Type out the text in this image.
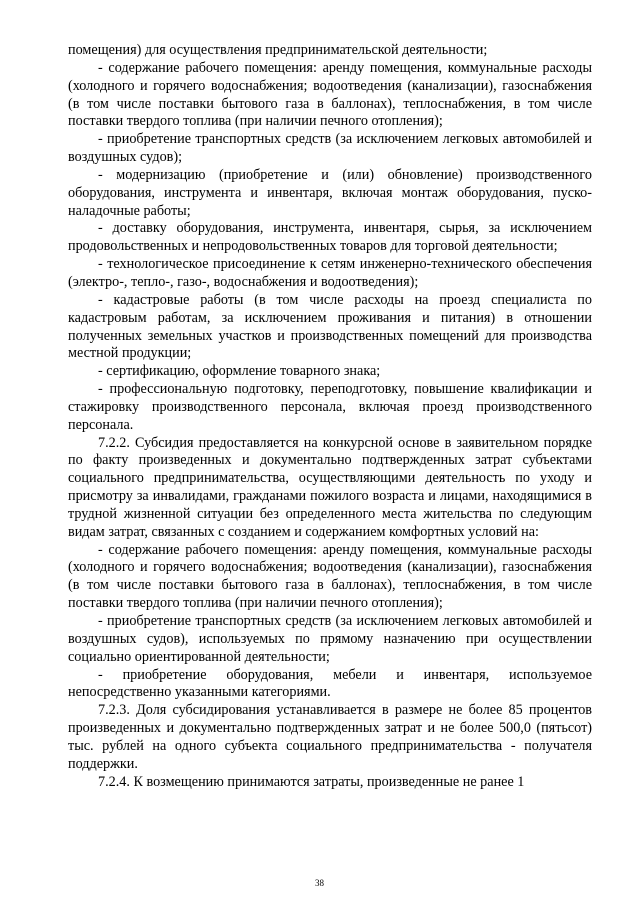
помещения) для осуществления предпринимательской деятельности;

- содержание рабочего помещения: аренду помещения, коммунальные расходы (холодного и горячего водоснабжения; водоотведения (канализации), газоснабжения (в том числе поставки бытового газа в баллонах), теплоснабжения, в том числе поставки твердого топлива (при наличии печного отопления);

- приобретение транспортных средств (за исключением легковых автомобилей и воздушных судов);

- модернизацию (приобретение и (или) обновление) производственного оборудования, инструмента и инвентаря, включая монтаж оборудования, пуско-наладочные работы;

- доставку оборудования, инструмента, инвентаря, сырья, за исключением продовольственных и непродовольственных товаров для торговой деятельности;

- технологическое присоединение к сетям инженерно-технического обеспечения (электро-, тепло-, газо-, водоснабжения и водоотведения);

- кадастровые работы (в том числе расходы на проезд специалиста по кадастровым работам, за исключением проживания и питания) в отношении полученных земельных участков и производственных помещений для производства местной продукции;

- сертификацию, оформление товарного знака;

- профессиональную подготовку, переподготовку, повышение квалификации и стажировку производственного персонала, включая проезд производственного персонала.

7.2.2. Субсидия предоставляется на конкурсной основе в заявительном порядке по факту произведенных и документально подтвержденных затрат субъектами социального предпринимательства, осуществляющими деятельность по уходу и присмотру за инвалидами, гражданами пожилого возраста и лицами, находящимися в трудной жизненной ситуации без определенного места жительства по следующим видам затрат, связанных с созданием и содержанием комфортных условий на:

- содержание рабочего помещения: аренду помещения, коммунальные расходы (холодного и горячего водоснабжения; водоотведения (канализации), газоснабжения (в том числе поставки бытового газа в баллонах), теплоснабжения, в том числе поставки твердого топлива (при наличии печного отопления);

- приобретение транспортных средств (за исключением легковых автомобилей и воздушных судов), используемых по прямому назначению при осуществлении социально ориентированной деятельности;

- приобретение оборудования, мебели и инвентаря, используемое непосредственно указанными категориями.

7.2.3. Доля субсидирования устанавливается в размере не более 85 процентов произведенных и документально подтвержденных затрат и не более 500,0 (пятьсот) тыс. рублей на одного субъекта социального предпринимательства - получателя поддержки.

7.2.4. К возмещению принимаются затраты, произведенные не ранее 1

38
